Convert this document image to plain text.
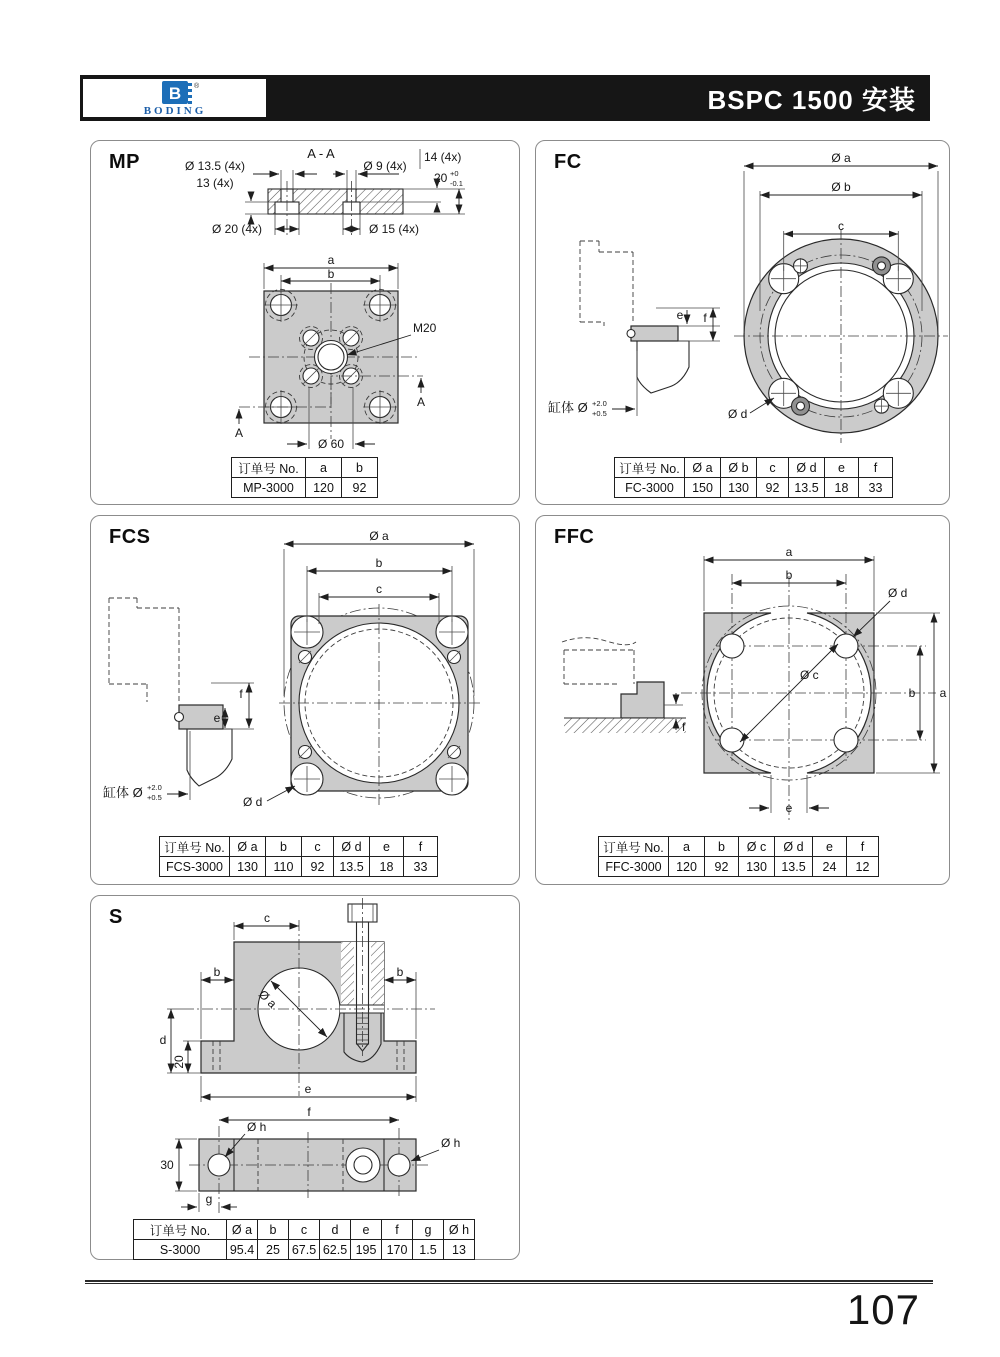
B ®
BODING	BSPC 1500 安装
MP	Ø 13.5 (4x)
A - A
Ø 9 (4x)
14 (4x)
20 +0
-0.1
13 (4x)
Ø 20 (4x)	Ø 15 (4x)
A
A
M20
a
b
Ø 60
订单号 No.	a	b
MP-3000	120	92
FC
e f
缸体 Ø +2.0
+0.5
Ø a
Ø b
c
Ø d
订单号 No.	Ø a	Ø b	c	Ø d	e	f
FC-3000	150	130	92	13.5	18	33
FCS
e
f
缸体 Ø +2.0
+0.5
Ø a
b
c
Ø d
订单号 No.	Ø a	b	c	Ø d	e	f
FCS-3000	130	110	92	13.5	18	33
FFC
f
a
b
Ø d
Ø c
b a
e
订单号 No.	a	b	Ø c	Ø d	e	f
FFC-3000	120	92	130	13.5	24	12
S	c
b	b
d
20
e
Ø a
f
Ø h
Ø h
30
g
订单号 No.	Ø a	b	c	d	e	f	g	Ø h
S-3000	95.4	25	67.5	62.5	195	170	1.5	13
107
